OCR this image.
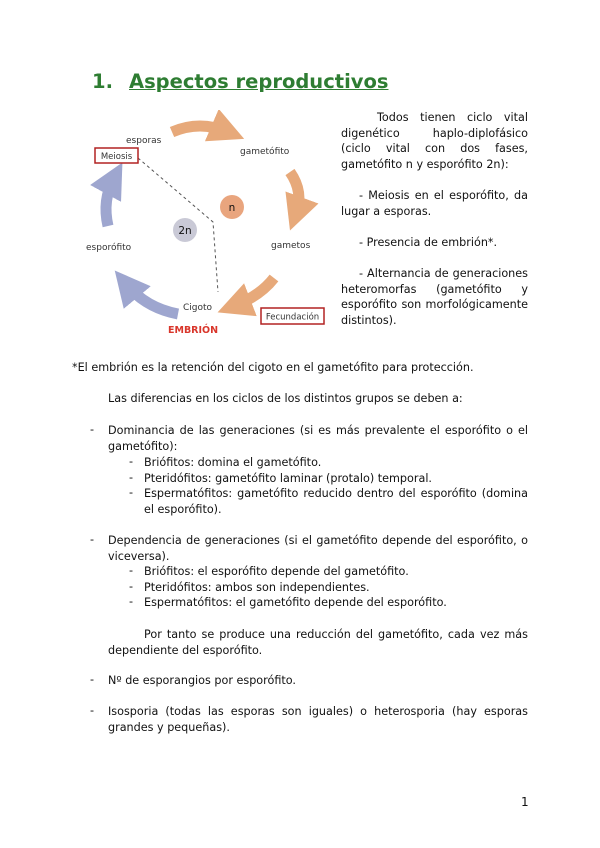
1. Aspectos reproductivos
n
2n
esporas
Meiosis	gametófito
gametos
esporófito
Cigoto
EMBRIÓN
Fecundación

Todos tienen ciclo vital digenético haplo-diplofásico (ciclo vital con dos fases, gametófito n y esporófito 2n):

- Meiosis en el esporófito, da lugar a esporas.

- Presencia de embrión*.

- Alternancia de generaciones heteromorfas (gametófito y esporófito son morfológicamente distintos).

*El embrión es la retención del cigoto en el gametófito para protección.
Las diferencias en los ciclos de los distintos grupos se deben a:
- Dominancia de las generaciones (si es más prevalente el esporófito o el gametófito):
- Briófitos: domina el gametófito.
- Pteridófitos: gametófito laminar (protalo) temporal.
- Espermatófitos: gametófito reducido dentro del esporófito (domina el esporófito).
- Dependencia de generaciones (si el gametófito depende del esporófito, o viceversa).
- Briófitos: el esporófito depende del gametófito.
- Pteridófitos: ambos son independientes.
- Espermatófitos: el gametófito depende del esporófito.
Por tanto se produce una reducción del gametófito, cada vez más dependiente del esporófito.
- Nº de esporangios por esporófito.
- Isosporia (todas las esporas son iguales) o heterosporia (hay esporas grandes y pequeñas).
1
